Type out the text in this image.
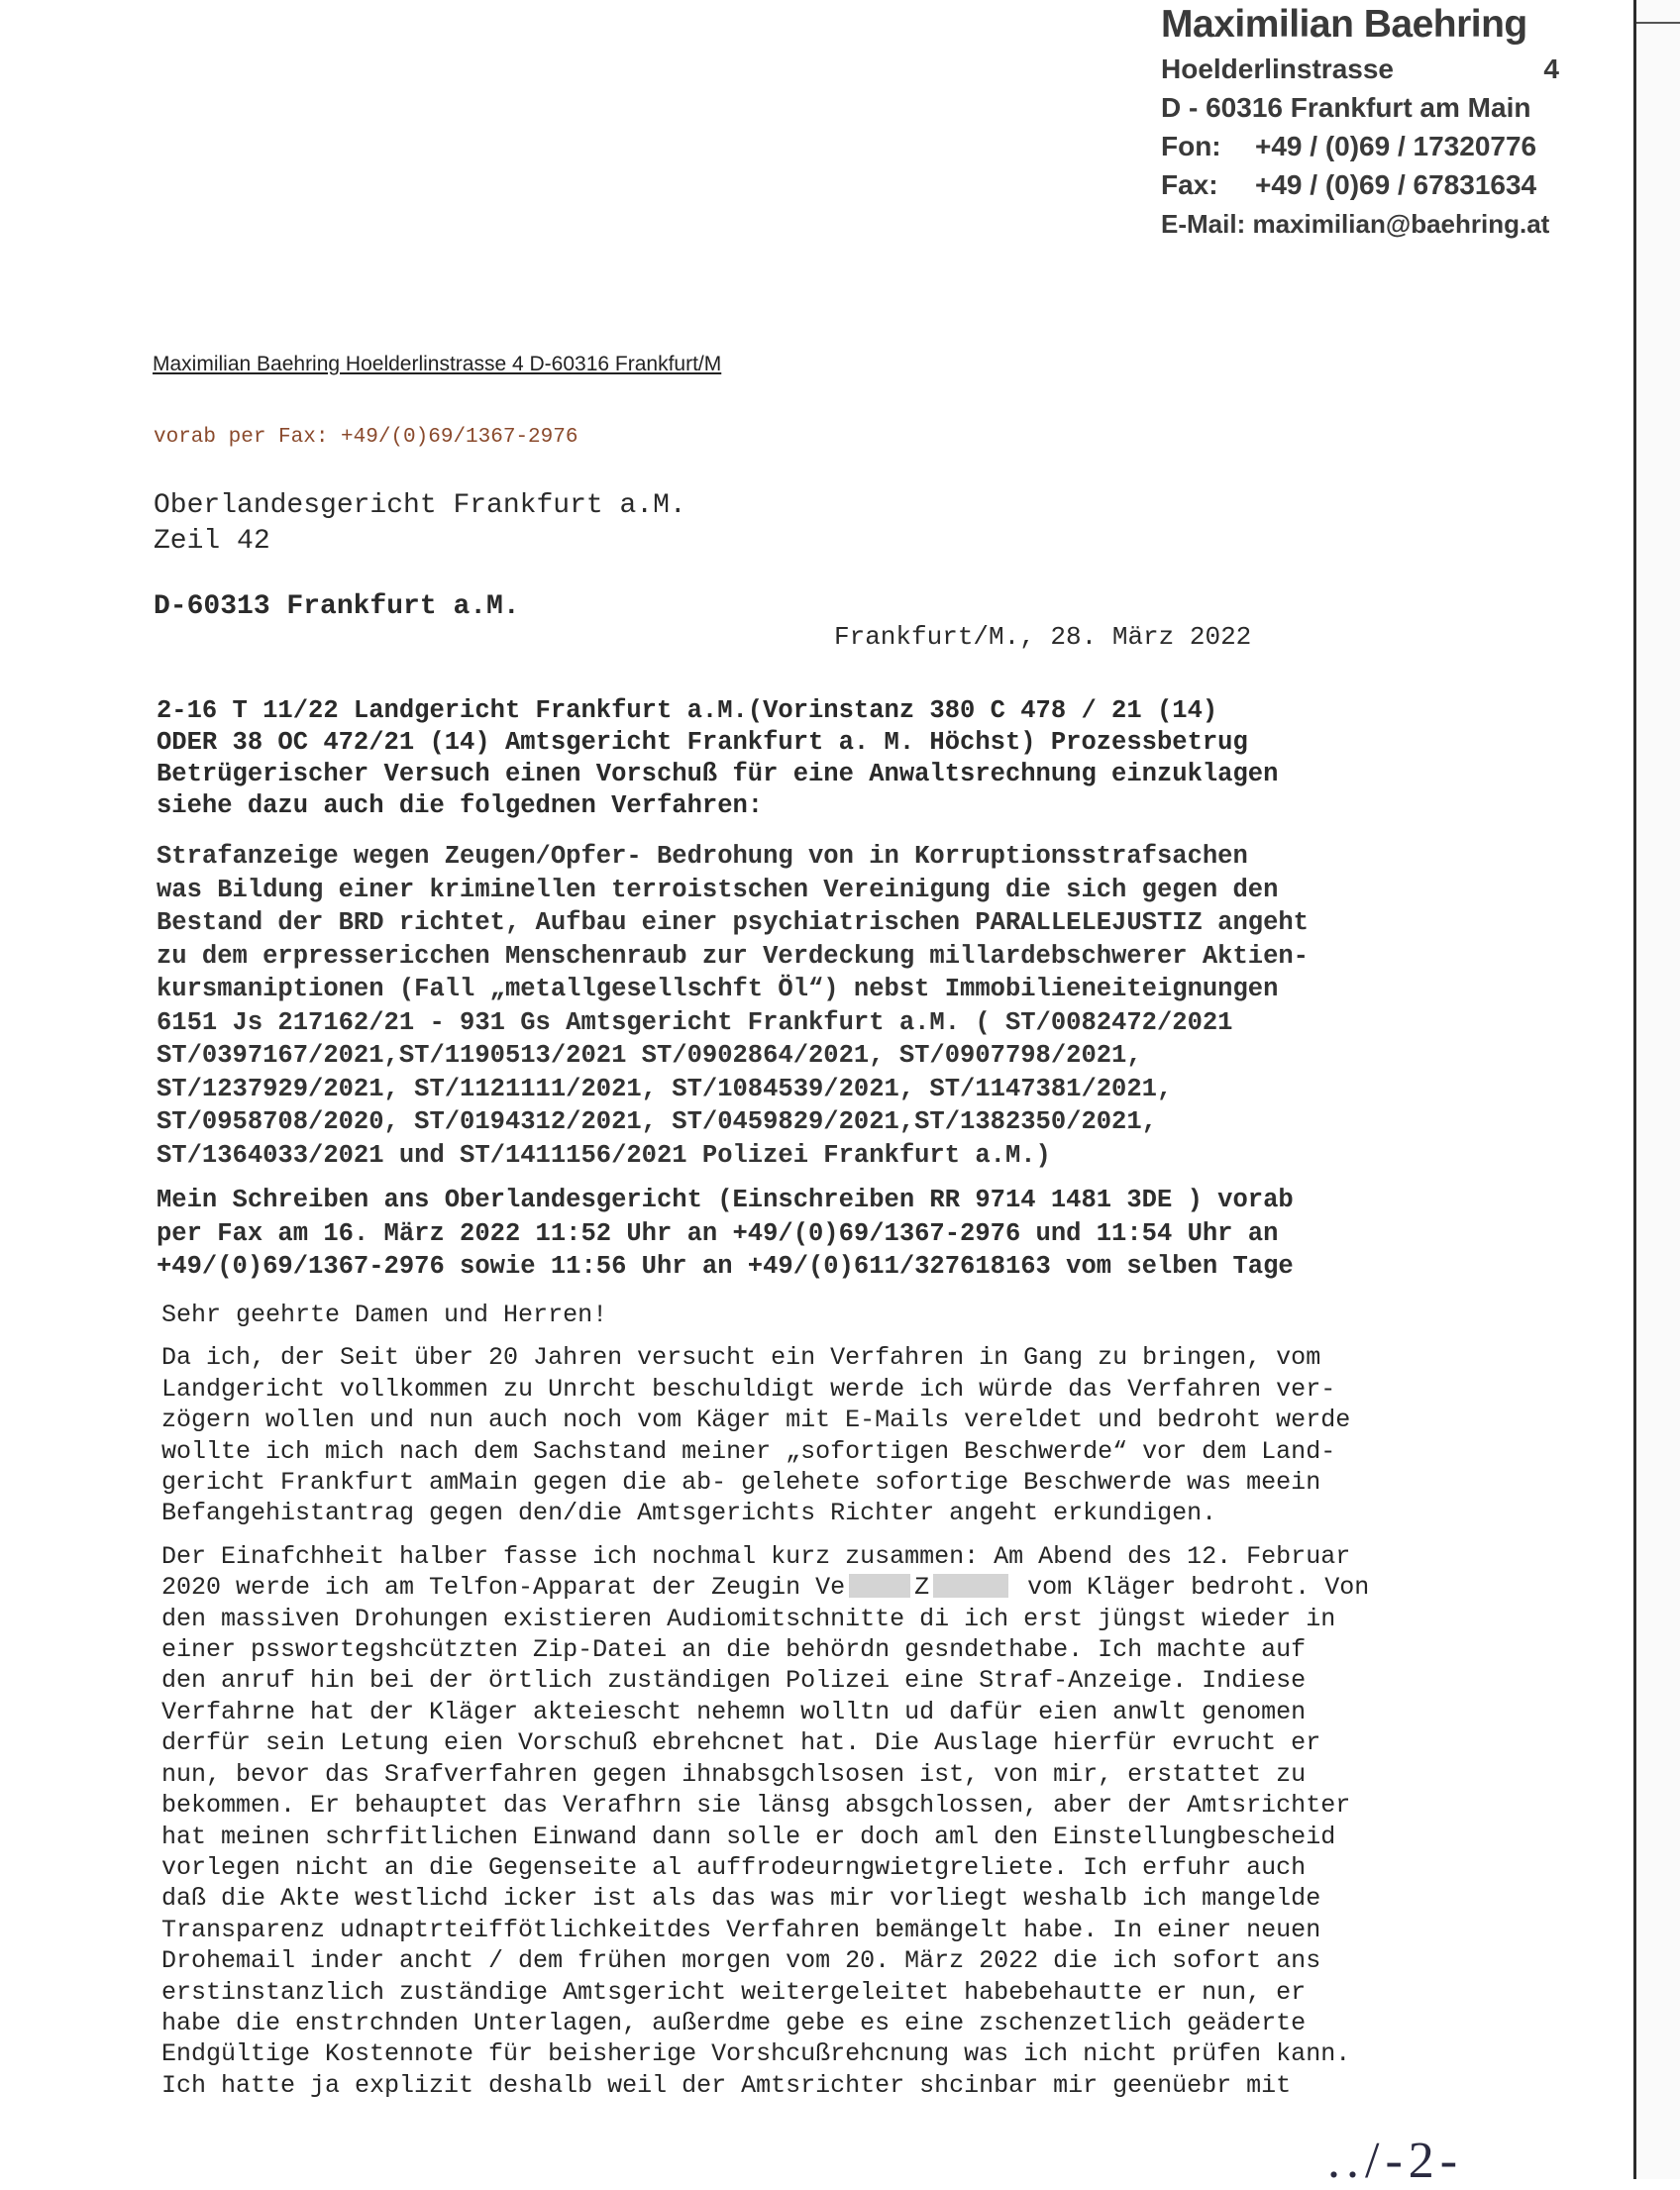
Maximilian Baehring
Hoelderlinstrasse	4
D - 60316 Frankfurt am Main
Fon: +49 / (0)69 / 17320776
Fax: +49 / (0)69 / 67831634
E-Mail: maximilian@baehring.at
Maximilian Baehring Hoelderlinstrasse 4 D-60316 Frankfurt/M
vorab per Fax: +49/(0)69/1367-2976
Oberlandesgericht Frankfurt a.M.
Zeil 42
D-60313 Frankfurt a.M.
Frankfurt/M., 28. März 2022

2-16 T 11/22 Landgericht Frankfurt a.M.(Vorinstanz 380 C 478 / 21 (14)

ODER 38 OC 472/21 (14) Amtsgericht Frankfurt a. M. Höchst) Prozessbetrug

Betrügerischer Versuch einen Vorschuß für eine Anwaltsrechnung einzuklagen

siehe dazu auch die folgednen Verfahren:

Strafanzeige wegen Zeugen/Opfer- Bedrohung von in Korruptionsstrafsachen

was Bildung einer kriminellen terroistschen Vereinigung die sich gegen den

Bestand der BRD richtet, Aufbau einer psychiatrischen PARALLELEJUSTIZ angeht

zu dem erpressericchen Menschenraub zur Verdeckung millardebschwerer Aktien-

kursmaniptionen (Fall „metallgesellschft Öl“) nebst Immobilieneiteignungen

6151 Js 217162/21 - 931 Gs Amtsgericht Frankfurt a.M. ( ST/0082472/2021

ST/0397167/2021,ST/1190513/2021 ST/0902864/2021, ST/0907798/2021,

ST/1237929/2021, ST/1121111/2021, ST/1084539/2021, ST/1147381/2021,

ST/0958708/2020, ST/0194312/2021, ST/0459829/2021,ST/1382350/2021,

ST/1364033/2021 und ST/1411156/2021 Polizei Frankfurt a.M.)

Mein Schreiben ans Oberlandesgericht (Einschreiben RR 9714 1481 3DE ) vorab

per Fax am 16. März 2022 11:52 Uhr an +49/(0)69/1367-2976 und 11:54 Uhr an

+49/(0)69/1367-2976 sowie 11:56 Uhr an +49/(0)611/327618163 vom selben Tage

Sehr geehrte Damen und Herren!

Da ich, der Seit über 20 Jahren versucht ein Verfahren in Gang zu bringen, vom

Landgericht vollkommen zu Unrcht beschuldigt werde ich würde das Verfahren ver-

zögern wollen und nun auch noch vom Käger mit E-Mails vereldet und bedroht werde

wollte ich mich nach dem Sachstand meiner „sofortigen Beschwerde“ vor dem Land-

gericht Frankfurt amMain gegen die ab- gelehete sofortige Beschwerde was meein

Befangehistantrag gegen den/die Amtsgerichts Richter angeht erkundigen.

Der Einafchheit halber fasse ich nochmal kurz zusammen: Am Abend des 12. Februar

2020 werde ich am Telfon-Apparat der Zeugin Ve	Z	vom Kläger bedroht. Von

den massiven Drohungen existieren Audiomitschnitte di ich erst jüngst wieder in

einer psswortegshcützten Zip-Datei an die behördn gesndethabe. Ich machte auf

den anruf hin bei der örtlich zuständigen Polizei eine Straf-Anzeige. Indiese

Verfahrne hat der Kläger akteiescht nehemn wolltn ud dafür eien anwlt genomen

derfür sein Letung eien Vorschuß ebrehcnet hat. Die Auslage hierfür evrucht er

nun, bevor das Srafverfahren gegen ihnabsgchlsosen ist, von mir, erstattet zu

bekommen. Er behauptet das Verafhrn sie länsg absgchlossen, aber der Amtsrichter

hat meinen schrfitlichen Einwand dann solle er doch aml den Einstellungbescheid

vorlegen nicht an die Gegenseite al auffrodeurngwietgreliete. Ich erfuhr auch

daß die Akte westlichd icker ist als das was mir vorliegt weshalb ich mangelde

Transparenz udnaptrteiffötlichkeitdes Verfahren bemängelt habe. In einer neuen

Drohemail inder ancht / dem frühen morgen vom 20. März 2022 die ich sofort ans

erstinstanzlich zuständige Amtsgericht weitergeleitet habebehautte er nun, er

habe die enstrchnden Unterlagen, außerdme gebe es eine zschenzetlich geäderte

Endgültige Kostennote für beisherige Vorshcußrehcnung was ich nicht prüfen kann.

Ich hatte ja explizit deshalb weil der Amtsrichter shcinbar mir geenüebr mit

../-2-
